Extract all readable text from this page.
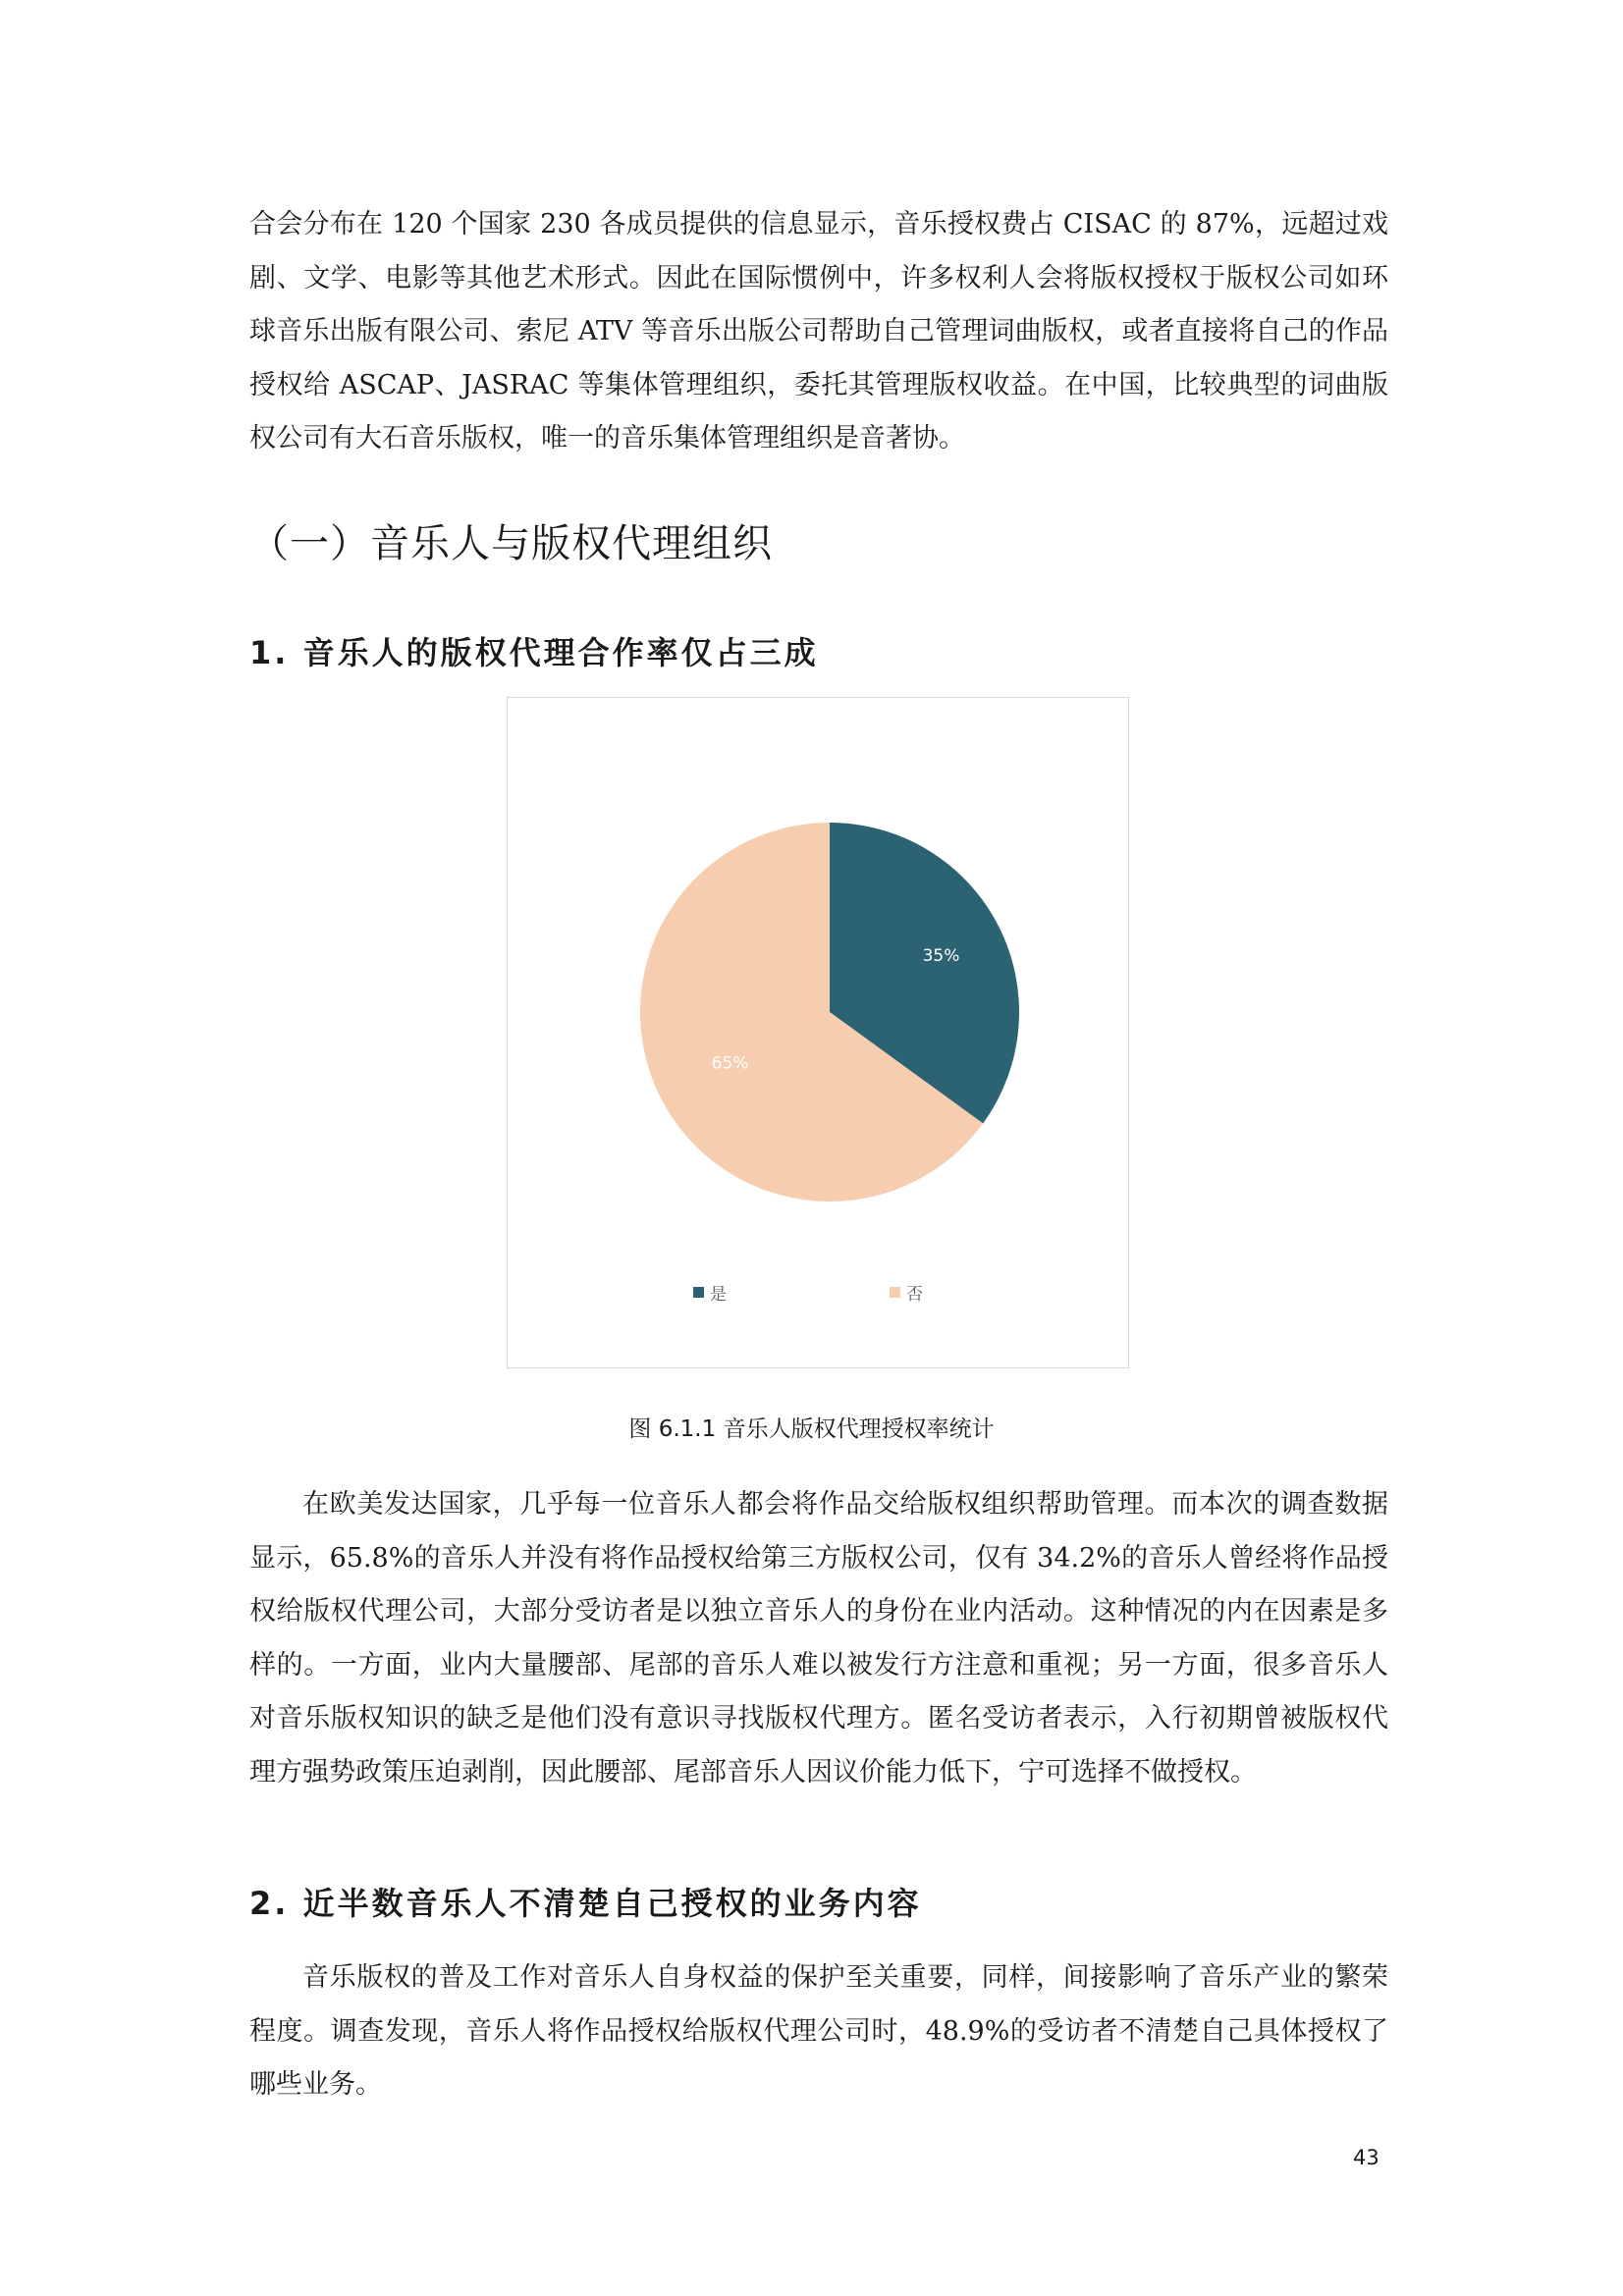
合会分布在 120 个国家 230 各成员提供的信息显示，音乐授权费占 CISAC 的 87%，远超过戏剧、文学、电影等其他艺术形式。因此在国际惯例中，许多权利人会将版权授权于版权公司如环球音乐出版有限公司、索尼 ATV 等音乐出版公司帮助自己管理词曲版权，或者直接将自己的作品授权给 ASCAP、JASRAC 等集体管理组织，委托其管理版权收益。在中国，比较典型的词曲版权公司有大石音乐版权，唯一的音乐集体管理组织是音著协。

（一）音乐人与版权代理组织
1. 音乐人的版权代理合作率仅占三成
35%
65%
是	否

图 6.1.1 音乐人版权代理授权率统计

在欧美发达国家，几乎每一位音乐人都会将作品交给版权组织帮助管理。而本次的调查数据显示，65.8%的音乐人并没有将作品授权给第三方版权公司，仅有 34.2%的音乐人曾经将作品授权给版权代理公司，大部分受访者是以独立音乐人的身份在业内活动。这种情况的内在因素是多样的。一方面，业内大量腰部、尾部的音乐人难以被发行方注意和重视；另一方面，很多音乐人对音乐版权知识的缺乏是他们没有意识寻找版权代理方。匿名受访者表示，入行初期曾被版权代理方强势政策压迫剥削，因此腰部、尾部音乐人因议价能力低下，宁可选择不做授权。

2. 近半数音乐人不清楚自己授权的业务内容

音乐版权的普及工作对音乐人自身权益的保护至关重要，同样，间接影响了音乐产业的繁荣程度。调查发现，音乐人将作品授权给版权代理公司时，48.9%的受访者不清楚自己具体授权了哪些业务。

43
